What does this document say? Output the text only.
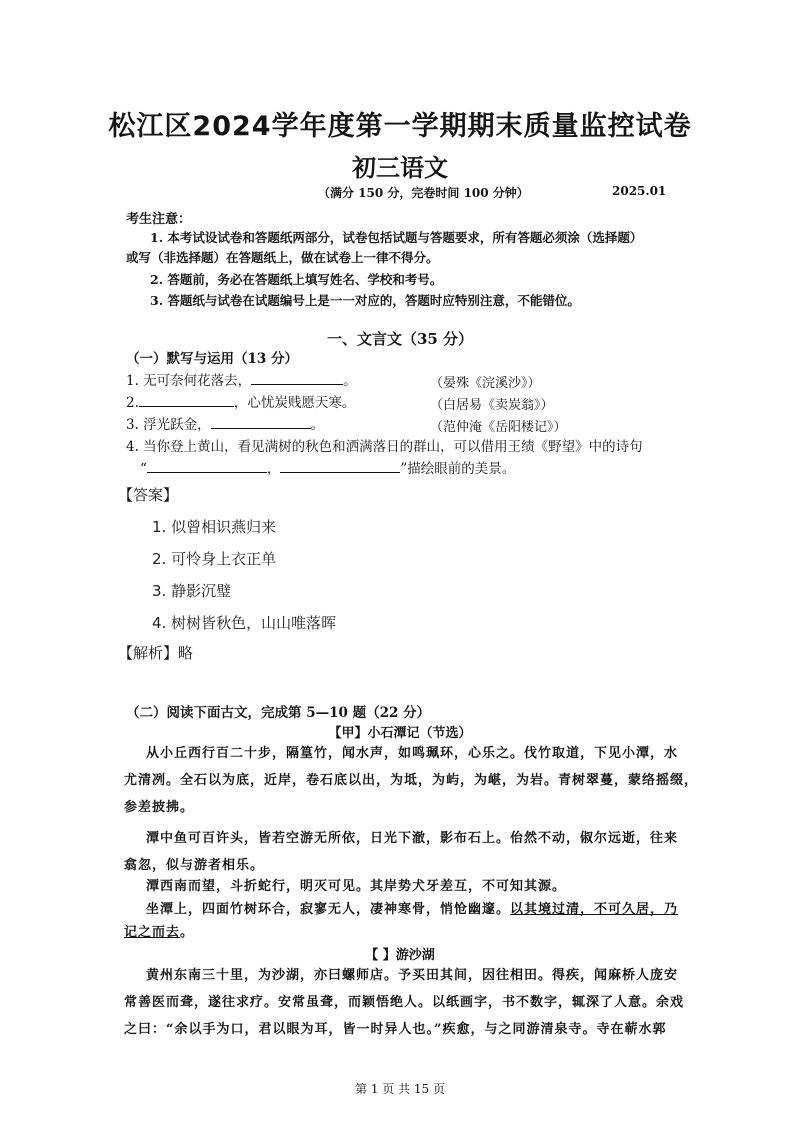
松江区2024学年度第一学期期末质量监控试卷
初三语文
（满分 150 分，完卷时间 100 分钟）	2025.01
考生注意：
1. 本考试设试卷和答题纸两部分，试卷包括试题与答题要求，所有答题必须涂（选择题）
或写（非选择题）在答题纸上，做在试卷上一律不得分。
2. 答题前，务必在答题纸上填写姓名、学校和考号。
3. 答题纸与试卷在试题编号上是一一对应的，答题时应特别注意，不能错位。
一、文言文（35 分）
（一）默写与运用（13 分）
1. 无可奈何花落去，	。	（晏殊《浣溪沙》）
2.	，心忧炭贱愿天寒。	（白居易《卖炭翁》）
3. 浮光跃金，	。	（范仲淹《岳阳楼记》）
4. 当你登上黄山，看见满树的秋色和洒满落日的群山，可以借用王绩《野望》中的诗句
“	，	”描绘眼前的美景。
【答案】
1. 似曾相识燕归来
2. 可怜身上衣正单
3. 静影沉璧
4. 树树皆秋色，山山唯落晖
【解析】略
（二）阅读下面古文，完成第 5—10 题（22 分）
【甲】小石潭记（节选）
从小丘西行百二十步，隔篁竹，闻水声，如鸣珮环，心乐之。伐竹取道，下见小潭，水
尤清冽。全石以为底，近岸，卷石底以出，为坻，为屿，为嵁，为岩。青树翠蔓，蒙络摇缀，
参差披拂。
潭中鱼可百许头，皆若空游无所依，日光下澈，影布石上。佁然不动，俶尔远逝，往来
翕忽，似与游者相乐。
潭西南而望，斗折蛇行，明灭可见。其岸势犬牙差互，不可知其源。
坐潭上，四面竹树环合，寂寥无人，凄神寒骨，悄怆幽邃。以其境过清，不可久居，乃
记之而去。
【 】游沙湖
黄州东南三十里，为沙湖，亦曰螺师店。予买田其间，因往相田。得疾，闻麻桥人庞安
常善医而聋，遂往求疗。安常虽聋，而颖悟绝人。以纸画字，书不数字，辄深了人意。余戏
之曰：“余以手为口，君以眼为耳，皆一时异人也。”疾愈，与之同游清泉寺。寺在蕲水郭
第 1 页 共 15 页
